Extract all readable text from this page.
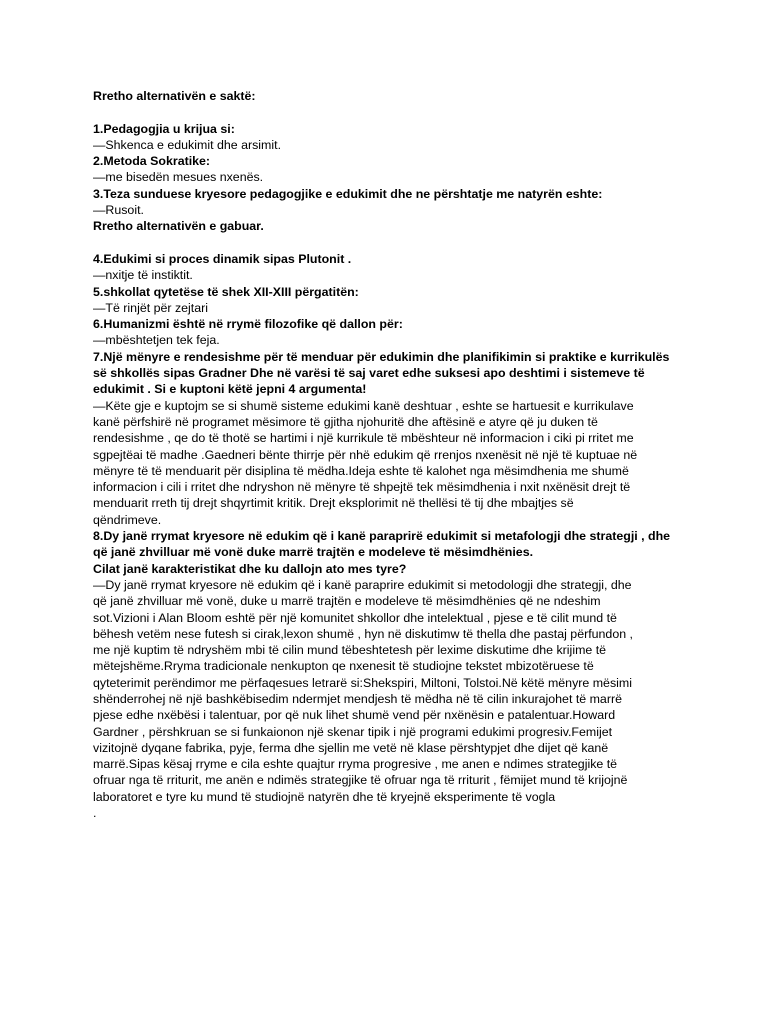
Rretho alternativën e saktë:
1.Pedagogjia u krijua si:
—Shkenca e edukimit dhe arsimit.
2.Metoda Sokratike:
—me bisedën mesues nxenës.
3.Teza sunduese kryesore pedagogjike e edukimit dhe ne përshtatje me natyrën eshte:
—Rusoit.
Rretho alternativën e gabuar.
4.Edukimi si proces dinamik sipas Plutonit .
—nxitje të instiktit.
5.shkollat qytetëse të shek XII-XIII përgatitën:
—Të rinjët për zejtari
6.Humanizmi është në rrymë filozofike që dallon për:
—mbështetjen tek feja.
7.Një mënyre e rendesishme për të menduar për edukimin dhe planifikimin si praktike e kurrikulës
së shkollës sipas Gradner Dhe në varësi të saj varet edhe suksesi apo deshtimi i sistemeve të
edukimit . Si e kuptoni këtë jepni 4 argumenta!
—Këte gje e kuptojm se si shumë sisteme edukimi kanë deshtuar , eshte se hartuesit e kurrikulave
kanë përfshirë në programet mësimore të gjitha njohuritë dhe aftësinë e atyre që ju duken të
rendesishme , qe do të thotë se hartimi i një kurrikule të mbështeur në informacion i ciki pi rritet me
sgpejtëai të madhe .Gaedneri bënte thirrje për nhë edukim që rrenjos nxenësit në një të kuptuae në
mënyre të të menduarit për disiplina të mëdha.Ideja eshte të kalohet nga mësimdhenia me shumë
informacion i cili i rritet dhe ndryshon në mënyre të shpejtë tek mësimdhenia i nxit nxënësit drejt të
menduarit rreth tij drejt shqyrtimit kritik. Drejt eksplorimit në thellësi të tij dhe mbajtjes së
qëndrimeve.
8.Dy janë rrymat kryesore në edukim që i kanë paraprirë edukimit si metafologji dhe strategji , dhe
që janë zhvilluar më vonë duke marrë trajtën e modeleve të mësimdhënies.
Cilat janë karakteristikat dhe ku dallojn ato mes tyre?
—Dy janë rrymat kryesore në edukim që i kanë paraprire edukimit si metodologji dhe strategji, dhe
që janë zhvilluar më vonë, duke u marrë trajtën e modeleve të mësimdhënies që ne ndeshim
sot.Vizioni i Alan Bloom eshtë për një komunitet shkollor dhe intelektual , pjese e të cilit mund të
bëhesh vetëm nese futesh si cirak,lexon shumë , hyn në diskutimw të thella dhe pastaj përfundon ,
me një kuptim të ndryshëm mbi të cilin mund tëbeshtetesh për lexime diskutime dhe krijime të
mëtejshëme.Rryma tradicionale nenkupton qe nxenesit të studiojne tekstet mbizotëruese të
qyteterimit perëndimor me përfaqesues letrarë si:Shekspiri, Miltoni, Tolstoi.Në këtë mënyre mësimi
shënderrohej në një bashkëbisedim ndermjet mendjesh të mëdha në të cilin inkurajohet të marrë
pjese edhe nxëbësi i talentuar, por që nuk lihet shumë vend për nxënësin e patalentuar.Howard
Gardner , përshkruan se si funkaionon një skenar tipik i një programi edukimi progresiv.Femijet
vizitojnë dyqane fabrika, pyje, ferma dhe sjellin me vetë në klase përshtypjet dhe dijet që kanë
marrë.Sipas kësaj rryme e cila eshte quajtur rryma progresive , me anen e ndimes strategjike të
ofruar nga të rriturit, me anën e ndimës strategjike të ofruar nga të rriturit , fëmijet mund të krijojnë
laboratoret e tyre ku mund të studiojnë natyrën dhe të kryejnë eksperimente të vogla
.
